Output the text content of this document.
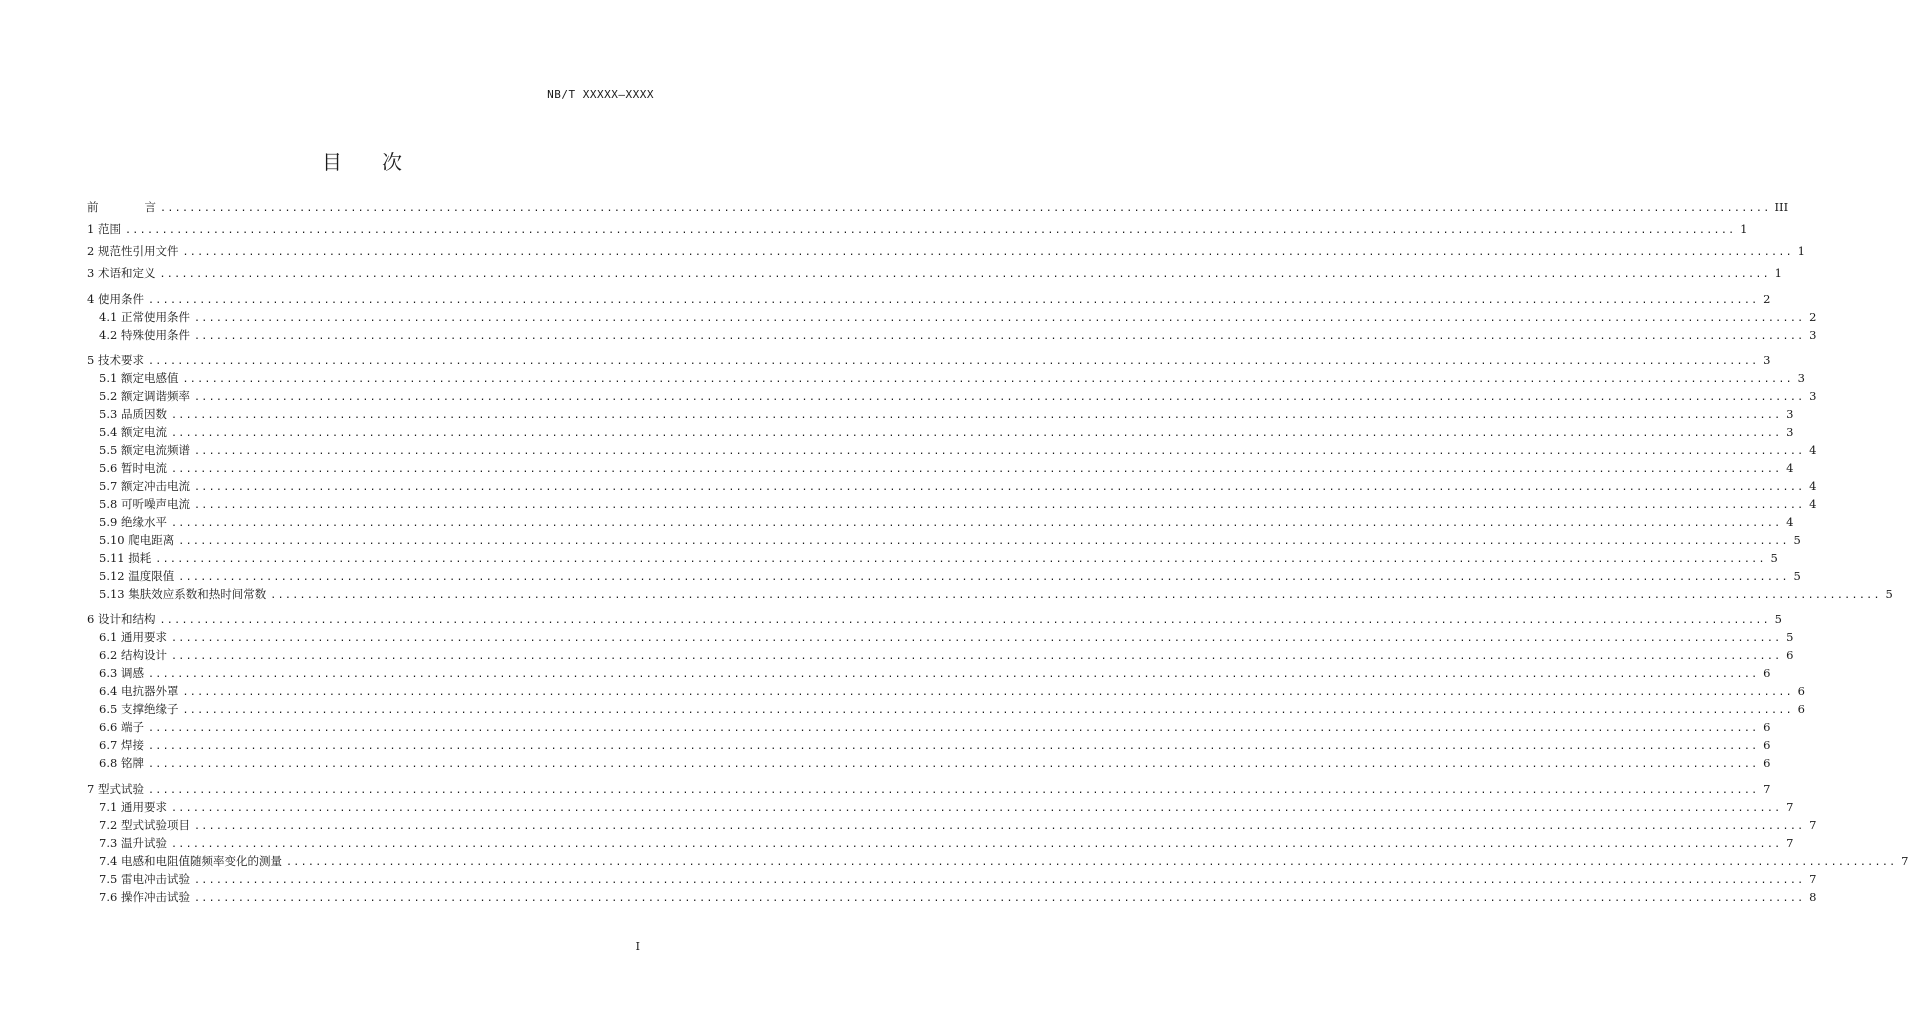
NB/T XXXXX—XXXX
目次
前　　　　言 ............................................................................................................................................................................................................................ III
1 范围 ............................................................................................................................................................................................................................ 1
2 规范性引用文件 ............................................................................................................................................................................................................................ 1
3 术语和定义 ............................................................................................................................................................................................................................ 1
4 使用条件 ............................................................................................................................................................................................................................ 2
4.1 正常使用条件 ............................................................................................................................................................................................................................ 2
4.2 特殊使用条件 ............................................................................................................................................................................................................................ 3
5 技术要求 ............................................................................................................................................................................................................................ 3
5.1 额定电感值 ............................................................................................................................................................................................................................ 3
5.2 额定调谐频率 ............................................................................................................................................................................................................................ 3
5.3 品质因数 ............................................................................................................................................................................................................................ 3
5.4 额定电流 ............................................................................................................................................................................................................................ 3
5.5 额定电流频谱 ............................................................................................................................................................................................................................ 4
5.6 暂时电流 ............................................................................................................................................................................................................................ 4
5.7 额定冲击电流 ............................................................................................................................................................................................................................ 4
5.8 可听噪声电流 ............................................................................................................................................................................................................................ 4
5.9 绝缘水平 ............................................................................................................................................................................................................................ 4
5.10 爬电距离 ............................................................................................................................................................................................................................ 5
5.11 损耗 ............................................................................................................................................................................................................................ 5
5.12 温度限值 ............................................................................................................................................................................................................................ 5
5.13 集肤效应系数和热时间常数 ............................................................................................................................................................................................................................ 5
6 设计和结构 ............................................................................................................................................................................................................................ 5
6.1 通用要求 ............................................................................................................................................................................................................................ 5
6.2 结构设计 ............................................................................................................................................................................................................................ 6
6.3 调感 ............................................................................................................................................................................................................................ 6
6.4 电抗器外罩 ............................................................................................................................................................................................................................ 6
6.5 支撑绝缘子 ............................................................................................................................................................................................................................ 6
6.6 端子 ............................................................................................................................................................................................................................ 6
6.7 焊接 ............................................................................................................................................................................................................................ 6
6.8 铭牌 ............................................................................................................................................................................................................................ 6
7 型式试验 ............................................................................................................................................................................................................................ 7
7.1 通用要求 ............................................................................................................................................................................................................................ 7
7.2 型式试验项目 ............................................................................................................................................................................................................................ 7
7.3 温升试验 ............................................................................................................................................................................................................................ 7
7.4 电感和电阻值随频率变化的测量 ............................................................................................................................................................................................................................ 7
7.5 雷电冲击试验 ............................................................................................................................................................................................................................ 7
7.6 操作冲击试验 ............................................................................................................................................................................................................................ 8
I
